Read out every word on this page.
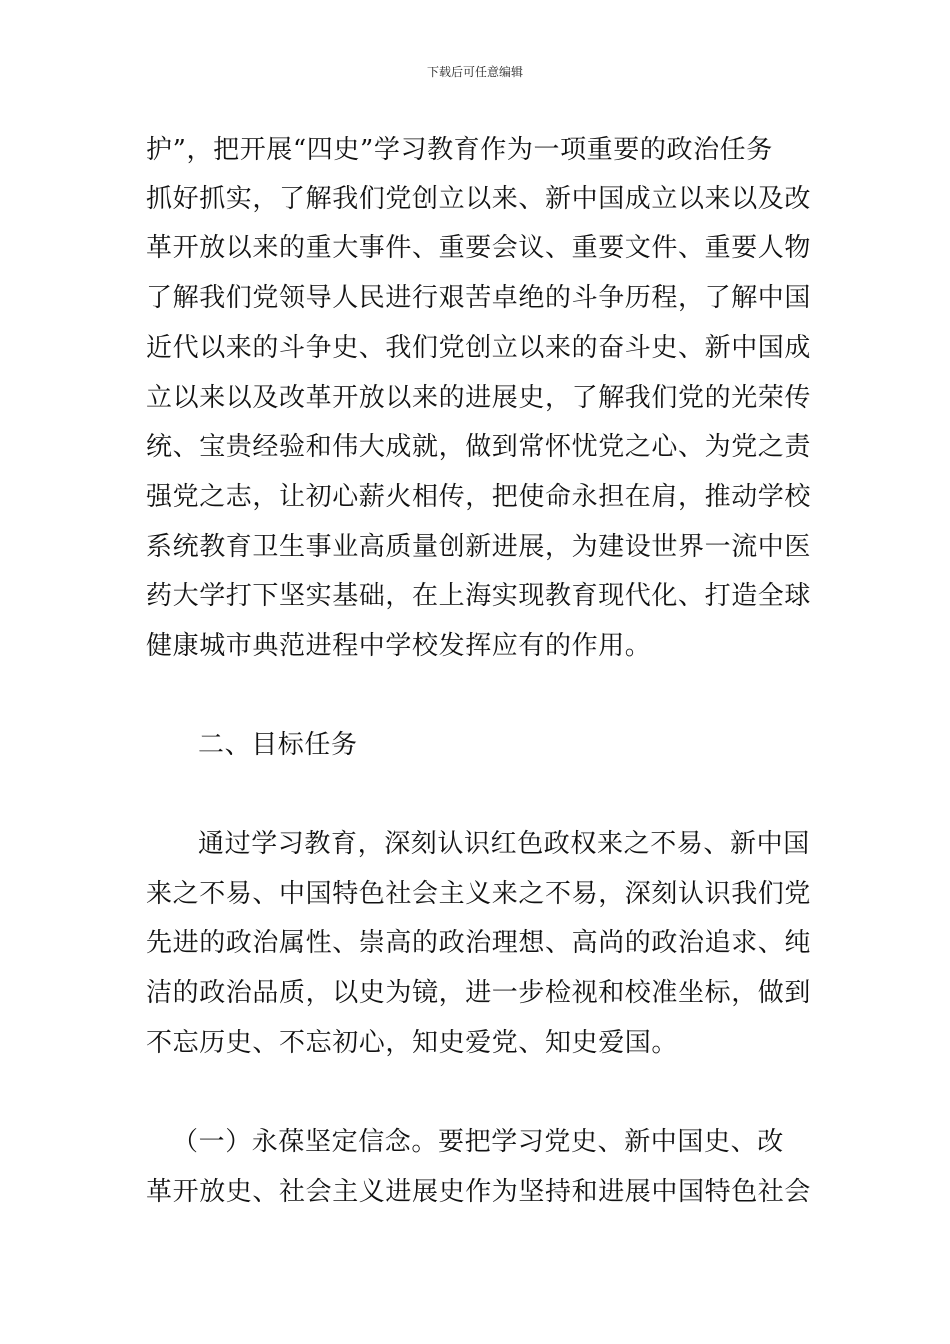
下载后可任意编辑
护”，把开展“四史”学习教育作为一项重要的政治任务
抓好抓实，了解我们党创立以来、新中国成立以来以及改
革开放以来的重大事件、重要会议、重要文件、重要人物
了解我们党领导人民进行艰苦卓绝的斗争历程，了解中国
近代以来的斗争史、我们党创立以来的奋斗史、新中国成
立以来以及改革开放以来的进展史，了解我们党的光荣传
统、宝贵经验和伟大成就，做到常怀忧党之心、为党之责
强党之志，让初心薪火相传，把使命永担在肩，推动学校
系统教育卫生事业高质量创新进展，为建设世界一流中医
药大学打下坚实基础，在上海实现教育现代化、打造全球
健康城市典范进程中学校发挥应有的作用。
二、目标任务
通过学习教育，深刻认识红色政权来之不易、新中国
来之不易、中国特色社会主义来之不易，深刻认识我们党
先进的政治属性、崇高的政治理想、高尚的政治追求、纯
洁的政治品质，以史为镜，进一步检视和校准坐标，做到
不忘历史、不忘初心，知史爱党、知史爱国。
（一）永葆坚定信念。要把学习党史、新中国史、改
革开放史、社会主义进展史作为坚持和进展中国特色社会
